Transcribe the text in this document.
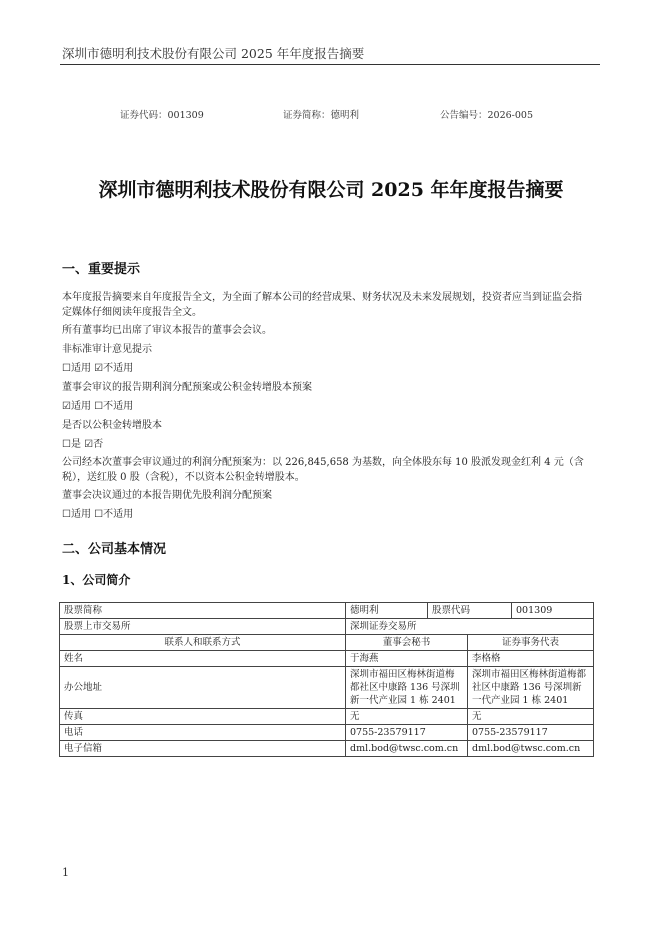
深圳市德明利技术股份有限公司 2025 年年度报告摘要
证券代码：001309	证券简称：德明利	公告编号：2026-005
深圳市德明利技术股份有限公司 2025 年年度报告摘要
一、重要提示
本年度报告摘要来自年度报告全文，为全面了解本公司的经营成果、财务状况及未来发展规划，投资者应当到证监会指
定媒体仔细阅读年度报告全文。
所有董事均已出席了审议本报告的董事会会议。
非标准审计意见提示
☐适用 ☑不适用
董事会审议的报告期利润分配预案或公积金转增股本预案
☑适用 ☐不适用
是否以公积金转增股本
☐是 ☑否
公司经本次董事会审议通过的利润分配预案为：以 226,845,658 为基数，向全体股东每 10 股派发现金红利 4 元（含
税），送红股 0 股（含税），不以资本公积金转增股本。
董事会决议通过的本报告期优先股利润分配预案
☐适用 ☐不适用
二、公司基本情况
1、公司简介
股票简称	德明利	股票代码		001309
股票上市交易所	深圳证券交易所			
联系人和联系方式	董事会秘书		证券事务代表	
姓名	于海燕		李格格	
办公地址	深圳市福田区梅林街道梅都社区中康路 136 号深圳新一代产业园 1 栋 2401		深圳市福田区梅林街道梅都社区中康路 136 号深圳新一代产业园 1 栋 2401	
传真	无		无	
电话	0755-23579117		0755-23579117	
电子信箱	dml.bod@twsc.com.cn		dml.bod@twsc.com.cn	
1
